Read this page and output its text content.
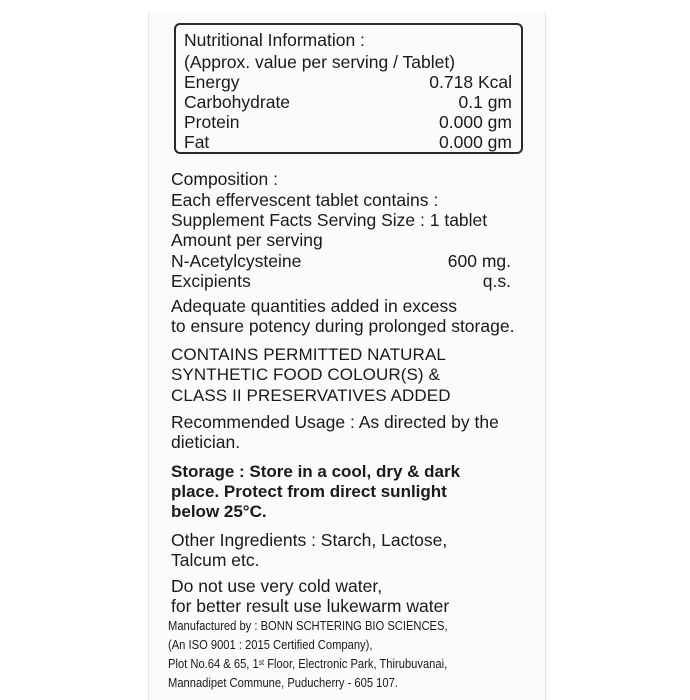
Nutritional Information :
(Approx. value per serving / Tablet)
Energy	0.718 Kcal
Carbohydrate	0.1 gm
Protein	0.000 gm
Fat	0.000 gm
Composition :
Each effervescent tablet contains :
Supplement Facts Serving Size : 1 tablet
Amount per serving
N-Acetylcysteine	600 mg.
Excipients	q.s.
Adequate quantities added in excess
to ensure potency during prolonged storage.
CONTAINS PERMITTED NATURAL
SYNTHETIC FOOD COLOUR(S) &
CLASS II PRESERVATIVES ADDED
Recommended Usage : As directed by the
dietician.
Storage : Store in a cool, dry & dark
place. Protect from direct sunlight
below 25°C.
Other Ingredients : Starch, Lactose,
Talcum etc.
Do not use very cold water,
for better result use lukewarm water
Manufactured by : BONN SCHTERING BIO SCIENCES,
(An ISO 9001 : 2015 Certified Company),
Plot No.64 & 65, 1st Floor, Electronic Park, Thirubuvanai,
Mannadipet Commune, Puducherry - 605 107.
